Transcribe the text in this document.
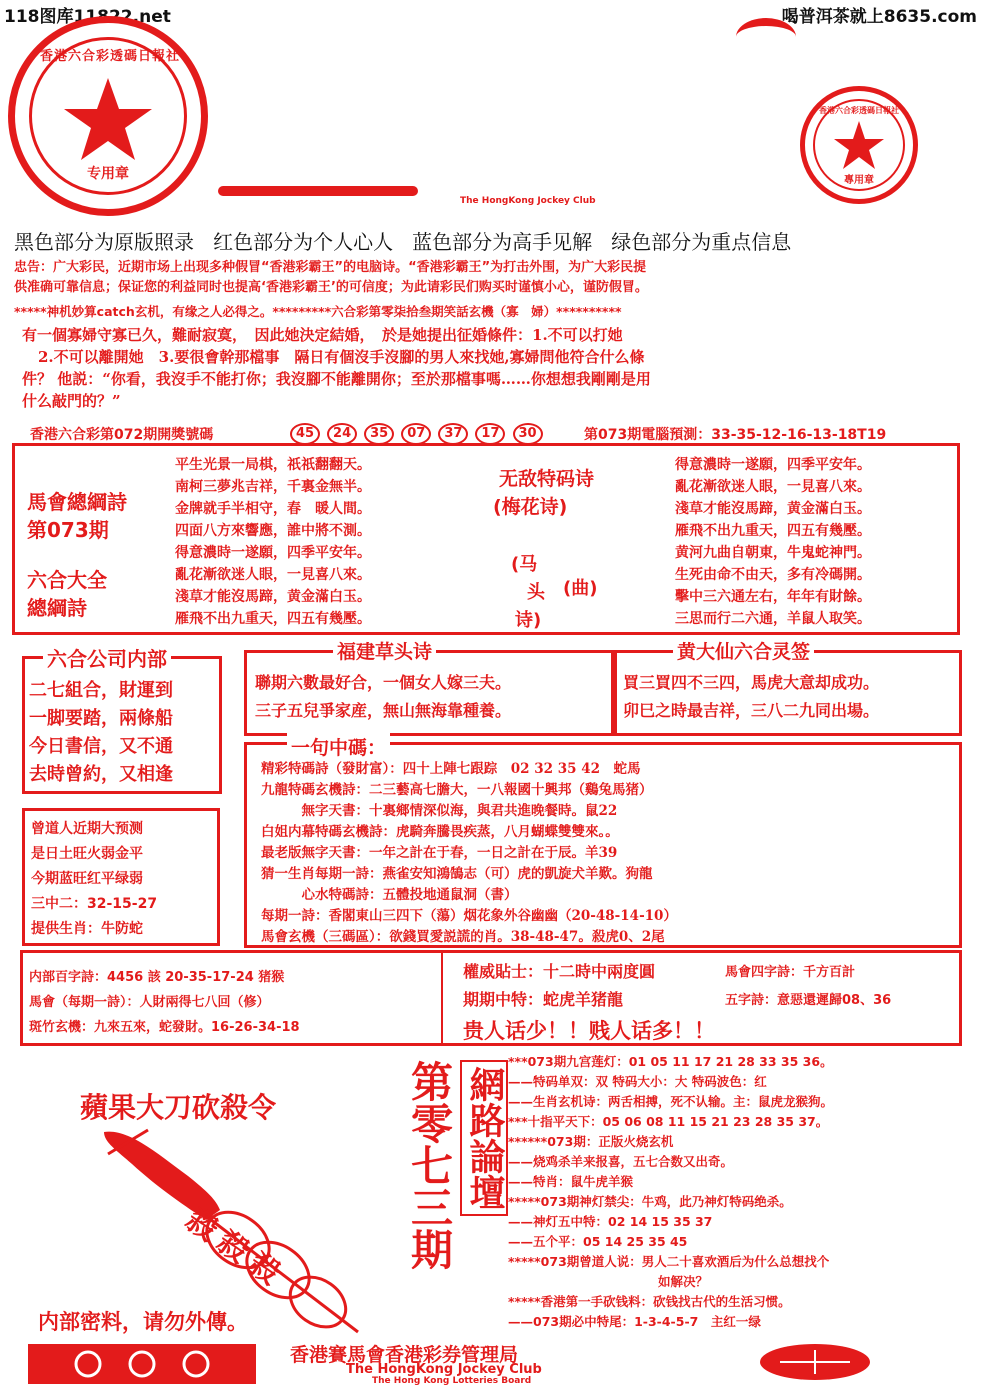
118图库11822.net	喝普洱茶就上8635.com
香港六合彩透碼日報社
专用章
香港六合彩透碼日報社
專用章
The HongKong Jockey Club
黑色部分为原版照录 红色部分为个人心人 蓝色部分为高手见解 绿色部分为重点信息
忠告：广大彩民，近期市场上出现多种假冒“香港彩霸王”的电脑诗。“香港彩霸王”为打击外围，为广大彩民提
供准确可靠信息；保证您的利益同时也提高‘香港彩霸王’的可信度；为此请彩民们购买时谨慎小心，谨防假冒。
*****神机妙算catch玄机，有缘之人必得之。*********六合彩第零柒拾叁期笑話玄機（寡　婦）**********
有一個寡婦守寡已久，難耐寂寞，　因此她決定結婚，　於是她提出征婚條件：1.不可以打她
2.不可以離開她　3.要很會幹那檔事　隔日有個沒手沒腳的男人來找她,寡婦問他符合什么條
件？ 他説：“你看，我沒手不能打你；我沒腳不能離開你；至於那檔事嗎……你想想我剛剛是用
什么敲門的？”
香港六合彩第072期開獎號碼	45 24 35 07 37 17 30	第073期電腦預測：33-35-12-16-13-18T19
馬會總綱詩
第073期
六合大全
總綱詩
平生光景一局棋，祇祇翻翻天。
南柯三夢兆吉祥，千裏金無半。
金牌就手半相守，春　暖人間。
四面八方來響應，誰中將不測。
得意濃時一遂願，四季平安年。
亂花漸欲迷人眼，一見喜八來。
淺草才能沒馬蹄，黄金滿白玉。
雁飛不出九重天，四五有幾壓。
无敌特码诗
(梅花诗)
(马
头
诗)
(曲)
得意濃時一遂願，四季平安年。
亂花漸欲迷人眼，一見喜八來。
淺草才能沒馬蹄，黄金滿白玉。
雁飛不出九重天，四五有幾壓。
黄河九曲自朝東，牛鬼蛇神門。
生死由命不由天，多有冷碼開。
擊中三六通左右，年年有財餘。
三思而行二六通，羊鼠人取笑。
六合公司内部
二七組合，財運到
一脚要踏，兩條船
今日書信，又不通
去時曾約，又相逢
福建草头诗
聯期六數最好合，一個女人嫁三夫。
三子五兒爭家産，無山無海靠種養。
黄大仙六合灵签
買三買四不三四，馬虎大意却成功。
卯巳之時最吉祥，三八二九同出場。
一句中碼：
精彩特碼詩（發財富）：四十上陣七跟踪　02 32 35 42　蛇馬
九龍特碼玄機詩：二三藝高七膽大，一八報國十興邦（鷄兔馬猪）
　　　無字天書：十裏鄉情深似海，與君共進晚餐時。鼠22
白姐内幕特碼玄機詩：虎騎奔騰畏疾蒸，八月蝴蝶雙雙來。。
最老版無字天書：一年之計在于春，一日之計在于辰。羊39
猜一生肖每期一詩：燕雀安知鴻鵠志（可）虎的凱旋犬羊歎。狗龍
　　　心水特碼詩：五體投地通鼠洞（書）
每期一詩：香閣東山三四下（蕩）烟花象外谷幽幽（20-48-14-10）
馬會玄機（三碼區）：欲錢買愛説謊的肖。38-48-47。殺虎0、2尾
曾道人近期大预测
是日土旺火弱金平
今期蓝旺红平绿弱
三中二：32-15-27
提供生肖：牛防蛇
内部百字詩：4456 該 20-35-17-24 猪猴
馬會（每期一詩）：人財兩得七八回（修）
斑竹玄機：九來五來，蛇發財。16-26-34-18
權威貼士：十二時中兩度圓
期期中特：蛇虎羊猪龍
馬會四字詩：千方百計
五字詩：意惡還遲歸08、36
贵人话少！！贱人话多！！
蘋果大刀砍殺令
殺殺殺
内部密料，请勿外傳。
第零七三期 網路論壇
***073期九宫莲灯：01 05 11 17 21 28 33 35 36。
——特码单双：双 特码大小：大 特码波色：红
——生肖玄机诗：两舌相搏，死不认输。主：鼠虎龙猴狗。
***十指平天下：05 06 08 11 15 21 23 28 35 37。
******073期：正版火烧玄机
——烧鸡杀羊来报喜，五七合数又出奇。
——特肖：鼠牛虎羊猴
*****073期神灯禁尖：牛鸡，此乃神灯特码绝杀。
——神灯五中特：02 14 15 35 37
——五个平：05 14 25 35 45
*****073期曾道人说：男人二十喜欢酒后为什么总想找个
　　　　　　　　　　　　如解决？
*****香港第一手砍钱料：砍钱找古代的生活习惯。
——073期必中特尾：1-3-4-5-7　主红一绿
香港賽馬會香港彩券管理局
The HongKong Jockey Club
The Hong Kong Lotteries Board
